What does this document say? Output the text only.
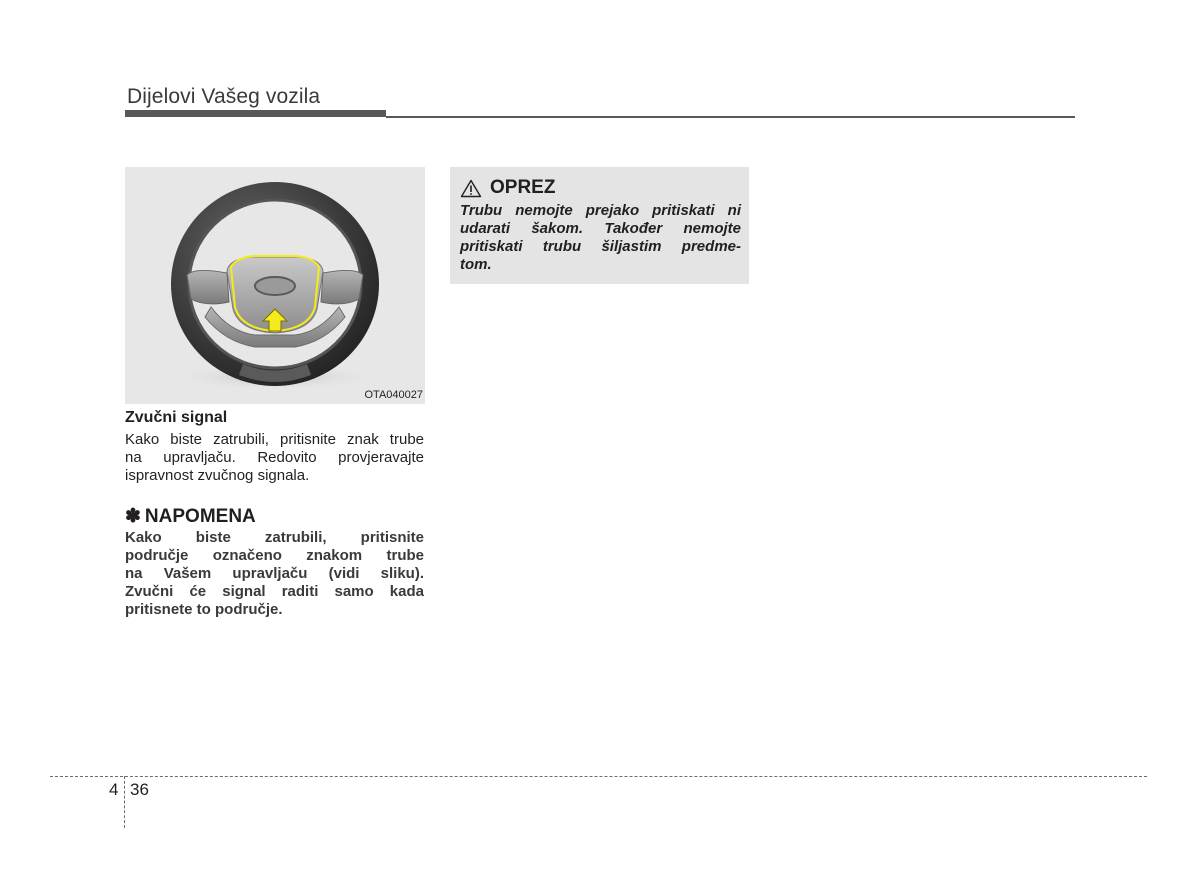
Dijelovi Vašeg vozila
OTA040027
Zvučni signal
Kako biste zatrubili, pritisnite znak trube
na upravljaču. Redovito provjeravajte
ispravnost zvučnog signala.
✽ NAPOMENA
Kako biste zatrubili, pritisnite
područje označeno znakom trube
na Vašem upravljaču (vidi sliku).
Zvučni će signal raditi samo kada
pritisnete to područje.
OPREZ
Trubu nemojte prejako pritiskati ni
udarati šakom. Također nemojte
pritiskati trubu šiljastim predme-
tom.
4 36
